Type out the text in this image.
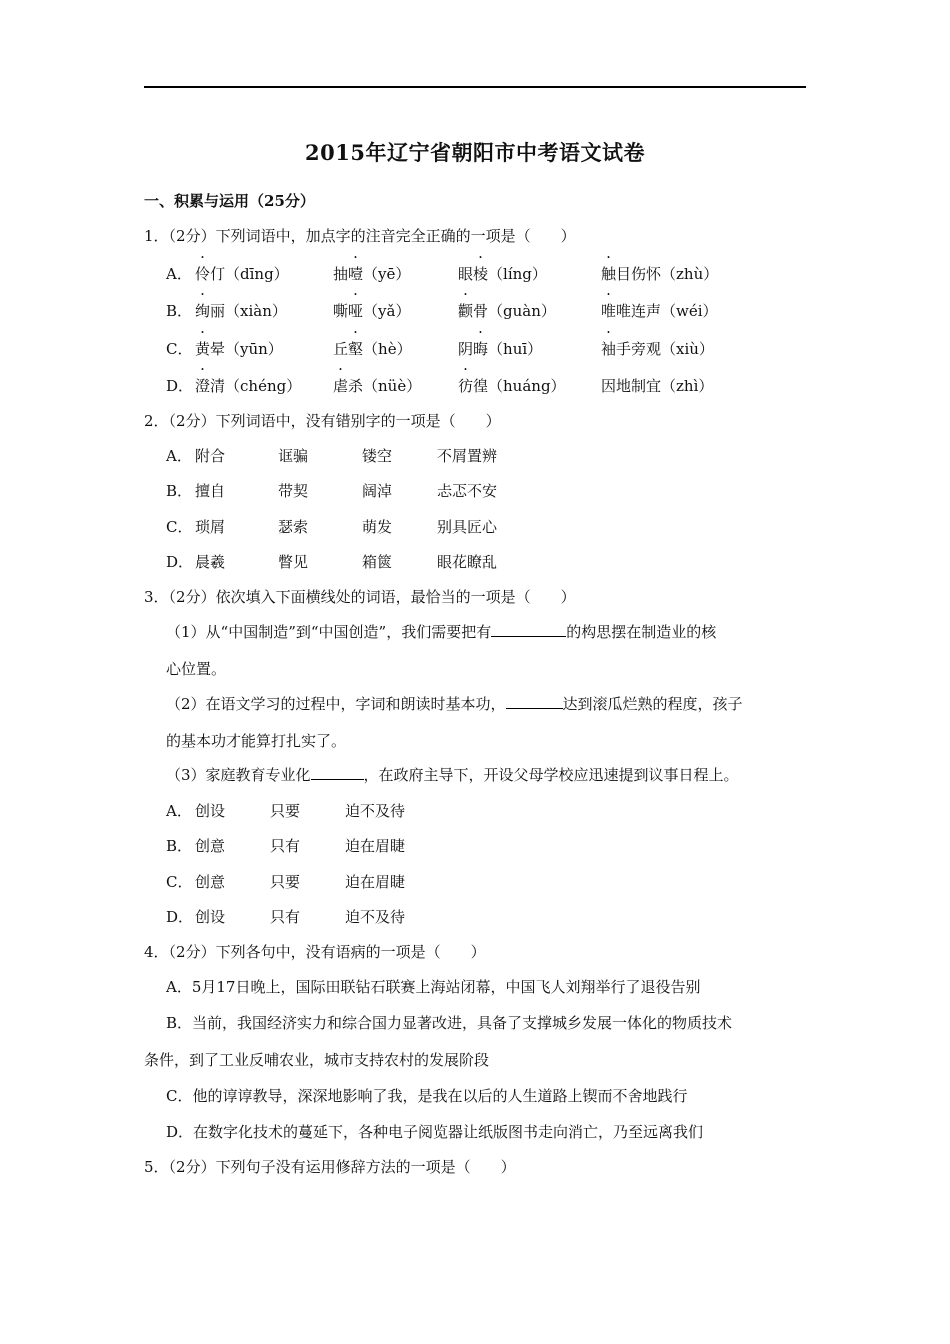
2015年辽宁省朝阳市中考语文试卷
一、积累与运用（25分）
1．（2分）下列词语中，加点字的注音完全正确的一项是（　　）
A． 伶仃（dīng）	抽噎（yē）	眼棱（líng）	触目伤怀（zhù）
B． 绚丽（xiàn）	嘶哑（yǎ）	颧骨（guàn）	唯唯连声（wéi）
C． 黄晕（yūn）	丘壑（hè）	阴晦（huī）	袖手旁观（xiù）
D． 澄清（chéng） 虐杀（nüè） 彷徨（huáng） 因地制宜（zhì）
2．（2分）下列词语中，没有错别字的一项是（　　）
A． 附合	诓骗	镂空	不屑置辨
B． 擅自	带契	阔淖	忐忑不安
C． 琐屑	瑟索	萌发	别具匠心
D． 晨羲	瞥见	箱篋	眼花瞭乱
3．（2分）依次填入下面横线处的词语，最恰当的一项是（　　）
（1）从“中国制造”到“中国创造”，我们需要把有	的构思摆在制造业的核
心位置。
（2）在语文学习的过程中，字词和朗读时基本功，	达到滚瓜烂熟的程度，孩子
的基本功才能算打扎实了。
（3）家庭教育专业化	，在政府主导下，开设父母学校应迅速提到议事日程上。
A． 创设	只要	迫不及待
B． 创意	只有	迫在眉睫
C． 创意	只要	迫在眉睫
D． 创设	只有	迫不及待
4．（2分）下列各句中，没有语病的一项是（　　）
A．5月17日晚上，国际田联钻石联赛上海站闭幕，中国飞人刘翔举行了退役告别
B．当前，我国经济实力和综合国力显著改进，具备了支撑城乡发展一体化的物质技术
条件，到了工业反哺农业，城市支持农村的发展阶段
C．他的谆谆教导，深深地影响了我，是我在以后的人生道路上锲而不舍地践行
D．在数字化技术的蔓延下，各种电子阅览器让纸版图书走向消亡，乃至远离我们
5．（2分）下列句子没有运用修辞方法的一项是（　　）
